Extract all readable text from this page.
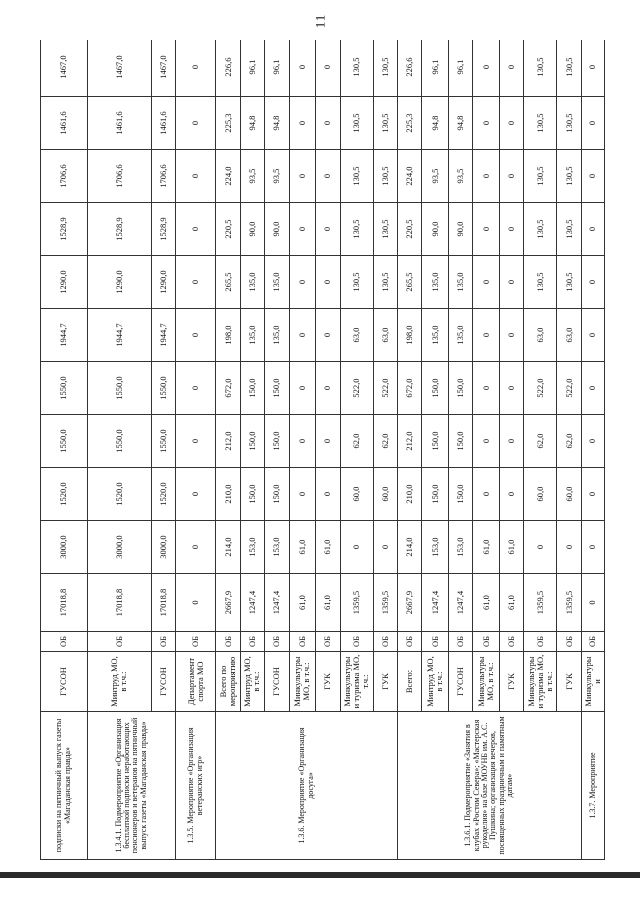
11
подписки на пятничный выпуск газеты «Магаданская правда»	ГУСОН	ОБ	17018,8	3000,0	1520,0	1550,0	1550,0	1944,7	1290,0	1528,9	1706,6	1461,6	1467,0
1.3.4.1. Подмероприятие «Организация бесплатной подписки неработающих пенсионеров и ветеранов на пятничный выпуск газеты «Магаданская правда»	Минтруд МО, в т.ч.:	ОБ	17018,8	3000,0	1520,0	1550,0	1550,0	1944,7	1290,0	1528,9	1706,6	1461,6	1467,0
	ГУСОН	ОБ	17018,8	3000,0	1520,0	1550,0	1550,0	1944,7	1290,0	1528,9	1706,6	1461,6	1467,0
1.3.5. Мероприятие «Организация ветеранских игр»	Департамент спорта МО	ОБ	0	0	0	0	0	0	0	0	0	0	0
1.3.6. Мероприятие «Организация досуга»	Всего по мероприятию	ОБ	2667,9	214,0	210,0	212,0	672,0	198,0	265,5	220,5	224,0	225,3	226,6
	Минтруд МО, в т.ч.:	ОБ	1247,4	153,0	150,0	150,0	150,0	135,0	135,0	90,0	93,5	94,8	96,1
	ГУСОН	ОБ	1247,4	153,0	150,0	150,0	150,0	135,0	135,0	90,0	93,5	94,8	96,1
	Минкультуры МО, в т.ч.:	ОБ	61,0	61,0	0	0	0	0	0	0	0	0	0
	ГУК	ОБ	61,0	61,0	0	0	0	0	0	0	0	0	0
	Минкультуры и туризма МО, т.ч.:	ОБ	1359,5	0	60,0	62,0	522,0	63,0	130,5	130,5	130,5	130,5	130,5
	ГУК	ОБ	1359,5	0	60,0	62,0	522,0	63,0	130,5	130,5	130,5	130,5	130,5
1.3.6.1. Подмероприятие «Занятия в клубах «Ростом Севера»; «Мастерская рукоделия» на базе МОУНБ им. А.С. Пушкина; организация вечеров, посвященных праздничным и памятным датам»	Всего:	ОБ	2667,9	214,0	210,0	212,0	672,0	198,0	265,5	220,5	224,0	225,3	226,6
	Минтруд МО, в т.ч.:	ОБ	1247,4	153,0	150,0	150,0	150,0	135,0	135,0	90,0	93,5	94,8	96,1
	ГУСОН	ОБ	1247,4	153,0	150,0	150,0	150,0	135,0	135,0	90,0	93,5	94,8	96,1
	Минкультуры МО, в т.ч.:	ОБ	61,0	61,0	0	0	0	0	0	0	0	0	0
	ГУК	ОБ	61,0	61,0	0	0	0	0	0	0	0	0	0
	Минкультуры и туризма МО, в т.ч.:	ОБ	1359,5	0	60,0	62,0	522,0	63,0	130,5	130,5	130,5	130,5	130,5
	ГУК	ОБ	1359,5	0	60,0	62,0	522,0	63,0	130,5	130,5	130,5	130,5	130,5
1.3.7. Мероприятие	Минкультуры и	ОБ	0	0	0	0	0	0	0	0	0	0	0
